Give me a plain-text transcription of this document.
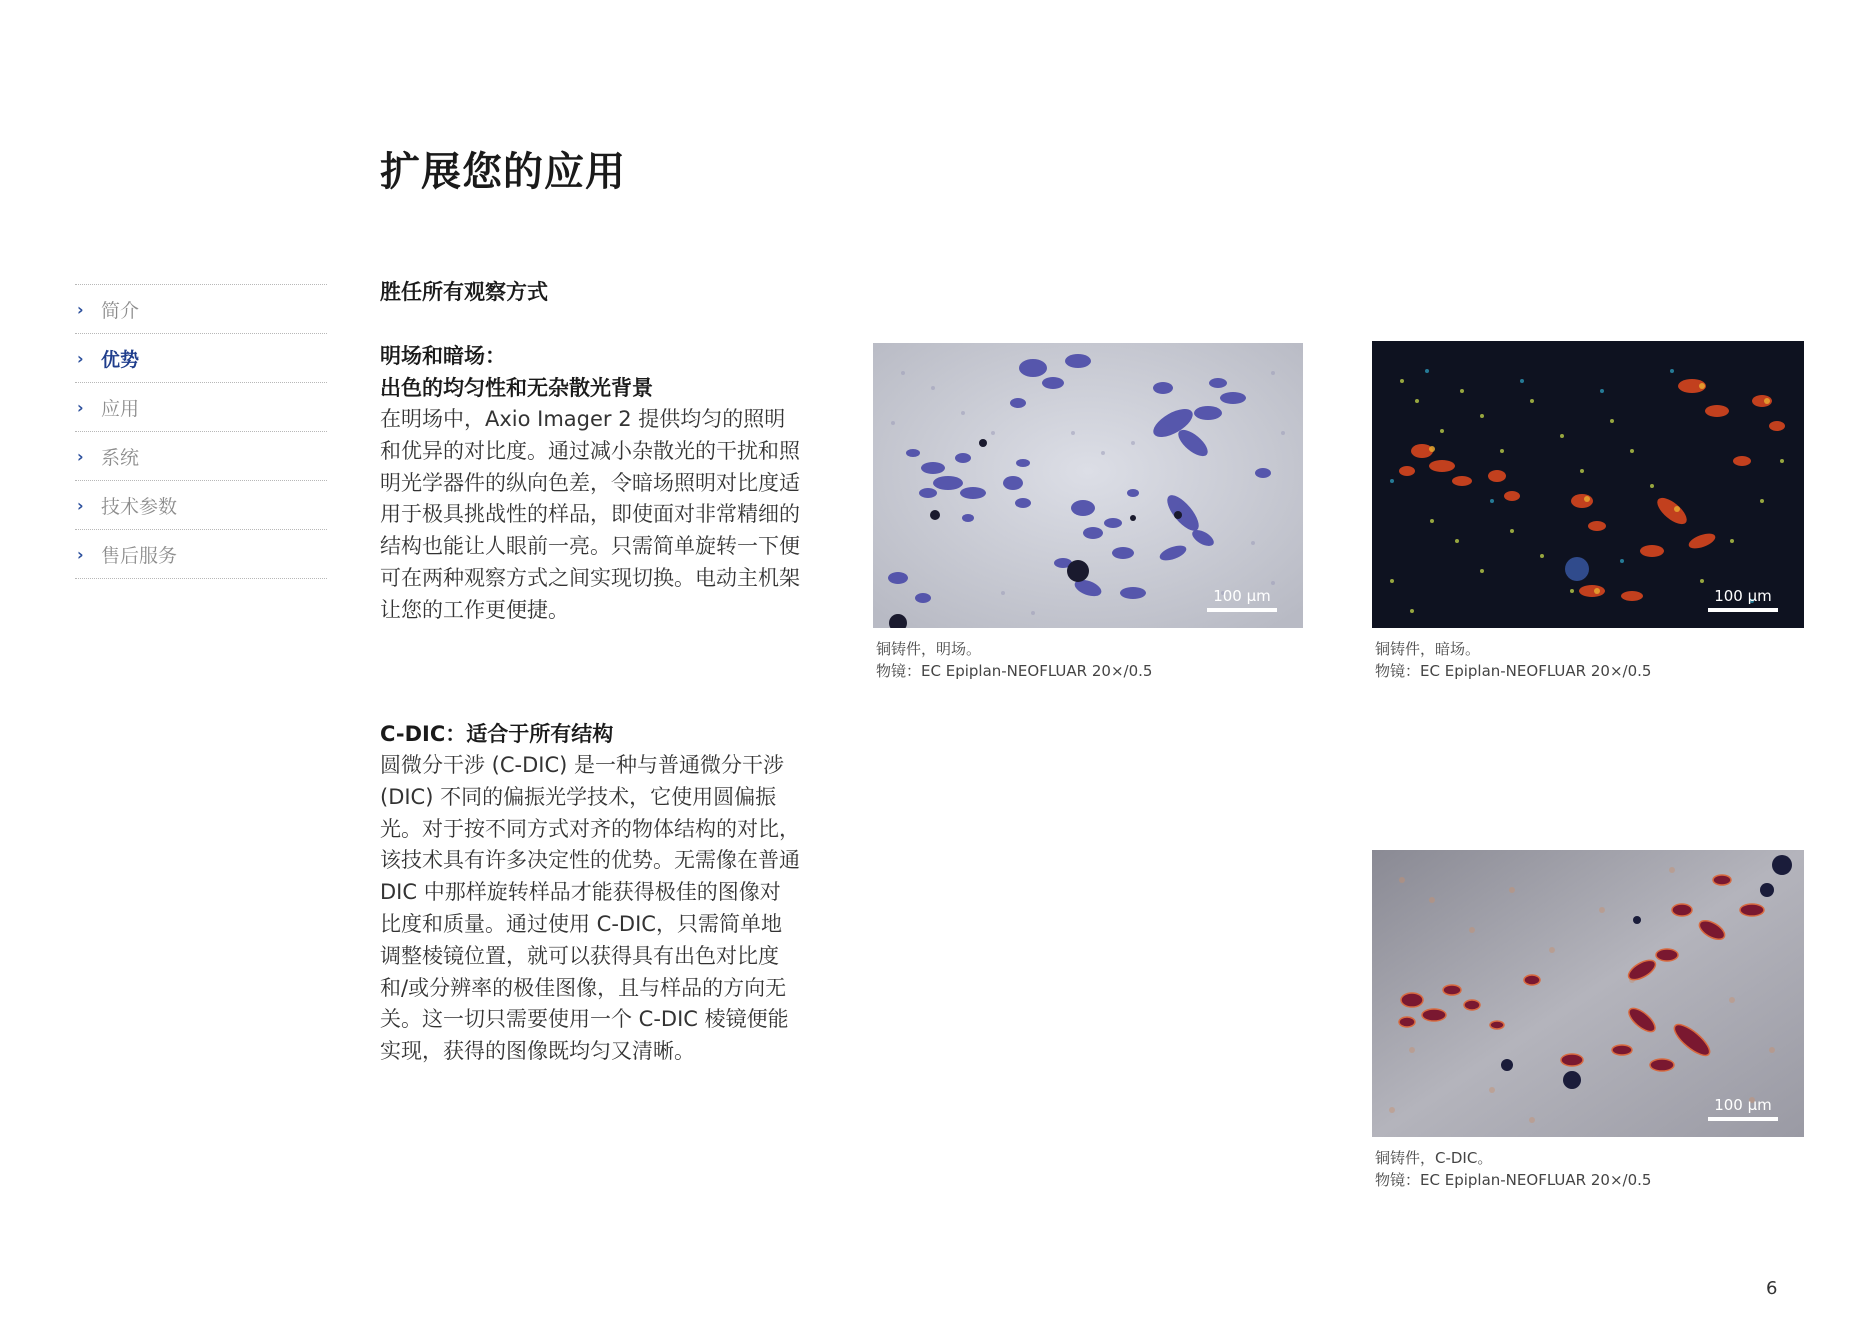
扩展您的应用
› 简介
› 优势
› 应用
› 系统
› 技术参数
› 售后服务
胜任所有观察方式
明场和暗场：
出色的均匀性和无杂散光背景
在明场中，Axio Imager 2 提供均匀的照明和优异的对比度。通过减小杂散光的干扰和照明光学器件的纵向色差，令暗场照明对比度适用于极具挑战性的样品，即使面对非常精细的结构也能让人眼前一亮。只需简单旋转一下便可在两种观察方式之间实现切换。电动主机架让您的工作更便捷。
C-DIC：适合于所有结构
圆微分干涉 (C-DIC) 是一种与普通微分干涉 (DIC) 不同的偏振光学技术，它使用圆偏振光。对于按不同方式对齐的物体结构的对比，该技术具有许多决定性的优势。无需像在普通 DIC 中那样旋转样品才能获得极佳的图像对比度和质量。通过使用 C-DIC，只需简单地调整棱镜位置，就可以获得具有出色对比度和/或分辨率的极佳图像，且与样品的方向无关。这一切只需要使用一个 C-DIC 棱镜便能实现，获得的图像既均匀又清晰。
100 µm
铜铸件，明场。
物镜：EC Epiplan-NEOFLUAR 20×/0.5
100 µm
铜铸件，暗场。
物镜：EC Epiplan-NEOFLUAR 20×/0.5
100 µm
铜铸件，C-DIC。
物镜：EC Epiplan-NEOFLUAR 20×/0.5
6
